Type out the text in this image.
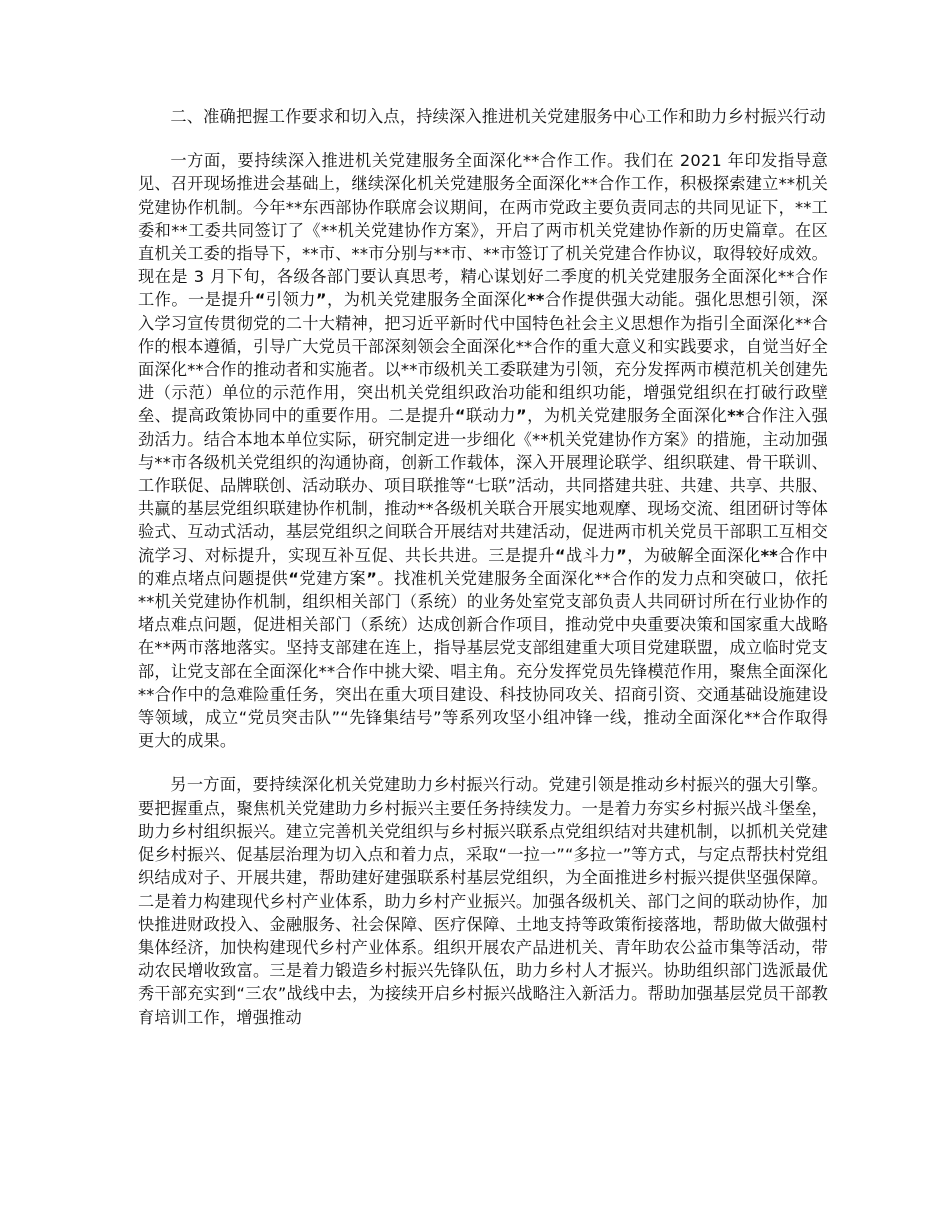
二、准确把握工作要求和切入点，持续深入推进机关党建服务中心工作和助力乡村振兴行动

一方面，要持续深入推进机关党建服务全面深化**合作工作。我们在 2021 年印发指导意见、召开现场推进会基础上，继续深化机关党建服务全面深化**合作工作，积极探索建立**机关党建协作机制。今年**东西部协作联席会议期间，在两市党政主要负责同志的共同见证下，**工委和**工委共同签订了《**机关党建协作方案》，开启了两市机关党建协作新的历史篇章。在区直机关工委的指导下，**市、**市分别与**市、**市签订了机关党建合作协议，取得较好成效。现在是 3 月下旬，各级各部门要认真思考，精心谋划好二季度的机关党建服务全面深化**合作工作。一是提升“引领力”，为机关党建服务全面深化**合作提供强大动能。强化思想引领，深入学习宣传贯彻党的二十大精神，把习近平新时代中国特色社会主义思想作为指引全面深化**合作的根本遵循，引导广大党员干部深刻领会全面深化**合作的重大意义和实践要求，自觉当好全面深化**合作的推动者和实施者。以**市级机关工委联建为引领，充分发挥两市模范机关创建先进（示范）单位的示范作用，突出机关党组织政治功能和组织功能，增强党组织在打破行政壁垒、提高政策协同中的重要作用。二是提升“联动力”，为机关党建服务全面深化**合作注入强劲活力。结合本地本单位实际，研究制定进一步细化《**机关党建协作方案》的措施，主动加强与**市各级机关党组织的沟通协商，创新工作载体，深入开展理论联学、组织联建、骨干联训、工作联促、品牌联创、活动联办、项目联推等“七联”活动，共同搭建共驻、共建、共享、共服、共赢的基层党组织联建协作机制，推动**各级机关联合开展实地观摩、现场交流、组团研讨等体验式、互动式活动，基层党组织之间联合开展结对共建活动，促进两市机关党员干部职工互相交流学习、对标提升，实现互补互促、共长共进。三是提升“战斗力”，为破解全面深化**合作中的难点堵点问题提供“党建方案”。找准机关党建服务全面深化**合作的发力点和突破口，依托**机关党建协作机制，组织相关部门（系统）的业务处室党支部负责人共同研讨所在行业协作的堵点难点问题，促进相关部门（系统）达成创新合作项目，推动党中央重要决策和国家重大战略在**两市落地落实。坚持支部建在连上，指导基层党支部组建重大项目党建联盟，成立临时党支部，让党支部在全面深化**合作中挑大梁、唱主角。充分发挥党员先锋模范作用，聚焦全面深化**合作中的急难险重任务，突出在重大项目建设、科技协同攻关、招商引资、交通基础设施建设等领域，成立“党员突击队”“先锋集结号”等系列攻坚小组冲锋一线，推动全面深化**合作取得更大的成果。

另一方面，要持续深化机关党建助力乡村振兴行动。党建引领是推动乡村振兴的强大引擎。要把握重点，聚焦机关党建助力乡村振兴主要任务持续发力。一是着力夯实乡村振兴战斗堡垒，助力乡村组织振兴。建立完善机关党组织与乡村振兴联系点党组织结对共建机制，以抓机关党建促乡村振兴、促基层治理为切入点和着力点，采取“一拉一”“多拉一”等方式，与定点帮扶村党组织结成对子、开展共建，帮助建好建强联系村基层党组织，为全面推进乡村振兴提供坚强保障。二是着力构建现代乡村产业体系，助力乡村产业振兴。加强各级机关、部门之间的联动协作，加快推进财政投入、金融服务、社会保障、医疗保障、土地支持等政策衔接落地，帮助做大做强村集体经济，加快构建现代乡村产业体系。组织开展农产品进机关、青年助农公益市集等活动，带动农民增收致富。三是着力锻造乡村振兴先锋队伍，助力乡村人才振兴。协助组织部门选派最优秀干部充实到“三农”战线中去，为接续开启乡村振兴战略注入新活力。帮助加强基层党员干部教育培训工作，增强推动
